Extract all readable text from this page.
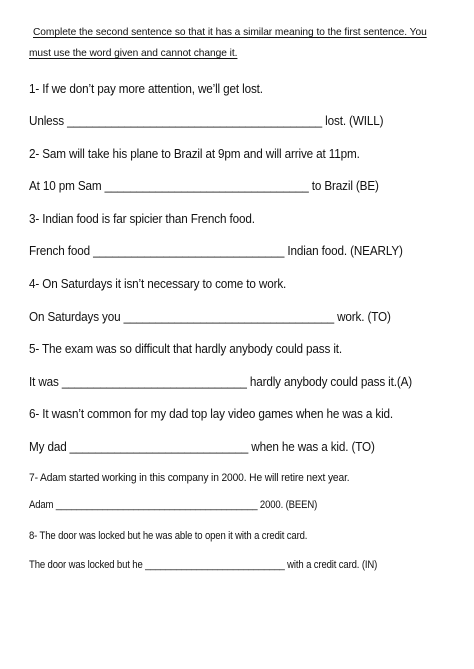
Complete the second sentence so that it has a similar meaning to the first sentence. You
must use the word given and cannot change it.
1- If we don’t pay more attention, we’ll get lost.
Unless ________________________________________ lost. (WILL)
2- Sam will take his plane to Brazil at 9pm and will arrive at 11pm.
At 10 pm Sam ________________________________ to Brazil (BE)
3- Indian food is far spicier than French food.
French food ______________________________ Indian food. (NEARLY)
4- On Saturdays it isn’t necessary to come to work.
On Saturdays you _________________________________ work. (TO)
5- The exam was so difficult that hardly anybody could pass it.
It was _____________________________ hardly anybody could pass it.(A)
6- It wasn’t common for my dad top lay video games when he was a kid.
My dad ____________________________ when he was a kid. (TO)
7- Adam started working in this company in 2000. He will retire next year.
Adam _______________________________________ 2000. (BEEN)
8- The door was locked but he was able to open it with a credit card.
The door was locked but he ___________________________ with a credit card. (IN)
